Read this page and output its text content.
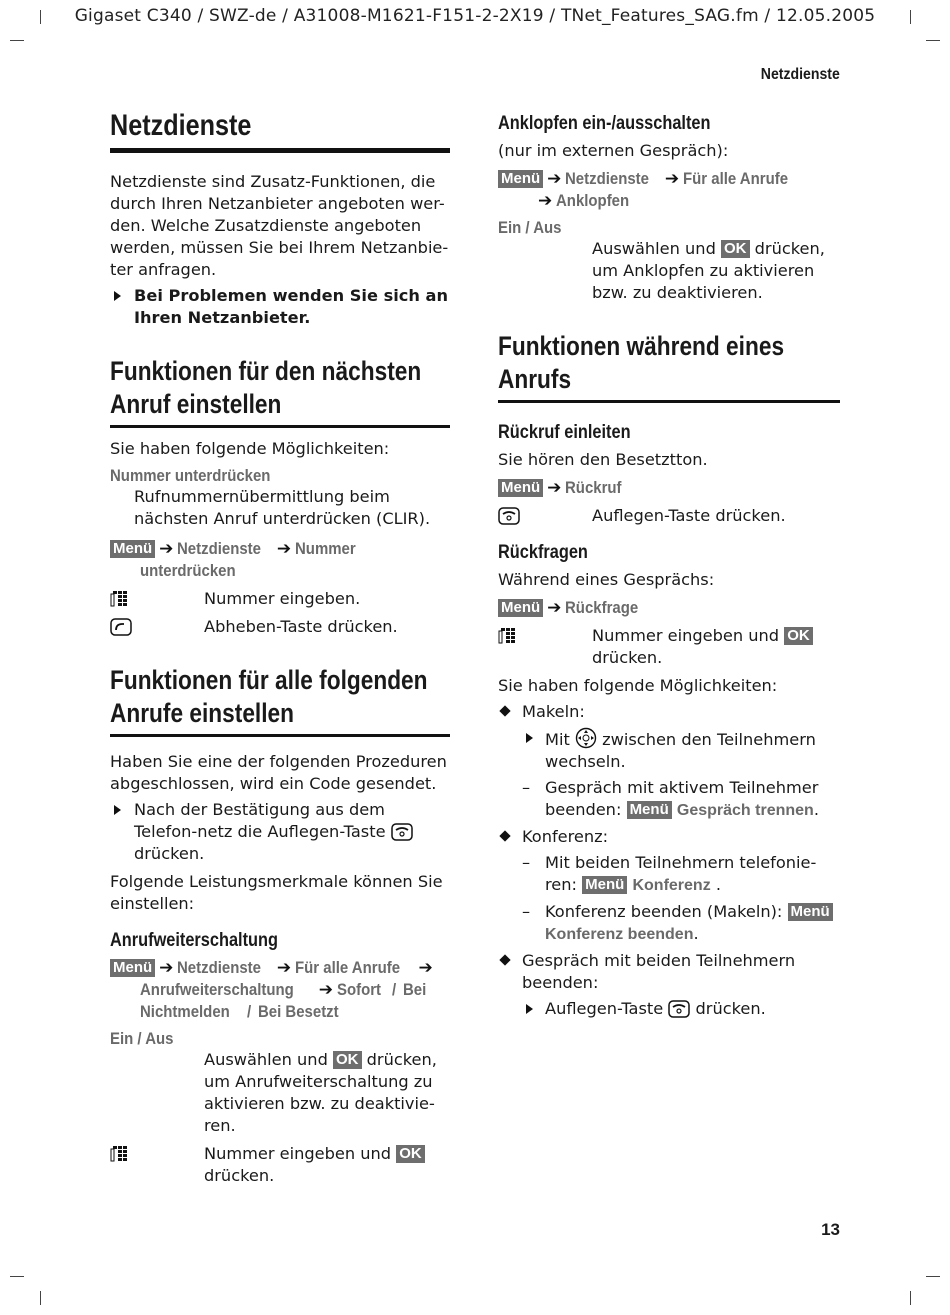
Gigaset C340 / SWZ-de / A31008-M1621-F151-2-2X19 / TNet_Features_SAG.fm / 12.05.2005
Netzdienste
13
Netzdienste
Netzdienste sind Zusatz-Funktionen, die durch Ihren Netzanbieter angeboten wer-den. Welche Zusatzdienste angeboten werden, müssen Sie bei Ihrem Netzanbie-ter anfragen.
Bei Problemen wenden Sie sich an Ihren Netzanbieter.
Funktionen für den nächsten
Anruf einstellen
Sie haben folgende Möglichkeiten:
Nummer unterdrücken
Rufnummernübermittlung beim nächsten Anruf unterdrücken (CLIR).
Menü ➔ Netzdienste ➔ Nummer
unterdrücken
Nummer eingeben.
Abheben-Taste drücken.
Funktionen für alle folgenden
Anrufe einstellen
Haben Sie eine der folgenden Prozeduren abgeschlossen, wird ein Code gesendet.
Nach der Bestätigung aus dem Telefon-netz die Auflegen-Taste  drücken.
Folgende Leistungsmerkmale können Sie einstellen:
Anrufweiterschaltung
Menü ➔ Netzdienste ➔ Für alle Anrufe ➔
Anrufweiterschaltung ➔ Sofort / Bei
Nichtmelden / Bei Besetzt
Ein / Aus
Auswählen und OK drücken, um Anrufweiterschaltung zu aktivieren bzw. zu deaktivie-ren.
Nummer eingeben und OK drücken.
Anklopfen ein-/ausschalten
(nur im externen Gespräch):
Menü ➔ Netzdienste ➔ Für alle Anrufe
➔ Anklopfen
Ein / Aus
Auswählen und OK drücken, um Anklopfen zu aktivieren bzw. zu deaktivieren.
Funktionen während eines
Anrufs
Rückruf einleiten
Sie hören den Besetztton.
Menü ➔ Rückruf
Auflegen-Taste drücken.
Rückfragen
Während eines Gesprächs:
Menü ➔ Rückfrage
Nummer eingeben und OK drücken.
Sie haben folgende Möglichkeiten:
Makeln:
Mit zwischen den Teilnehmern wechseln.
– Gespräch mit aktivem Teilnehmer beenden: Menü Gespräch trennen.
Konferenz:
– Mit beiden Teilnehmern telefonie-ren: Menü Konferenz .
– Konferenz beenden (Makeln): Menü Konferenz beenden.
Gespräch mit beiden Teilnehmern beenden:
Auflegen-Taste drücken.
